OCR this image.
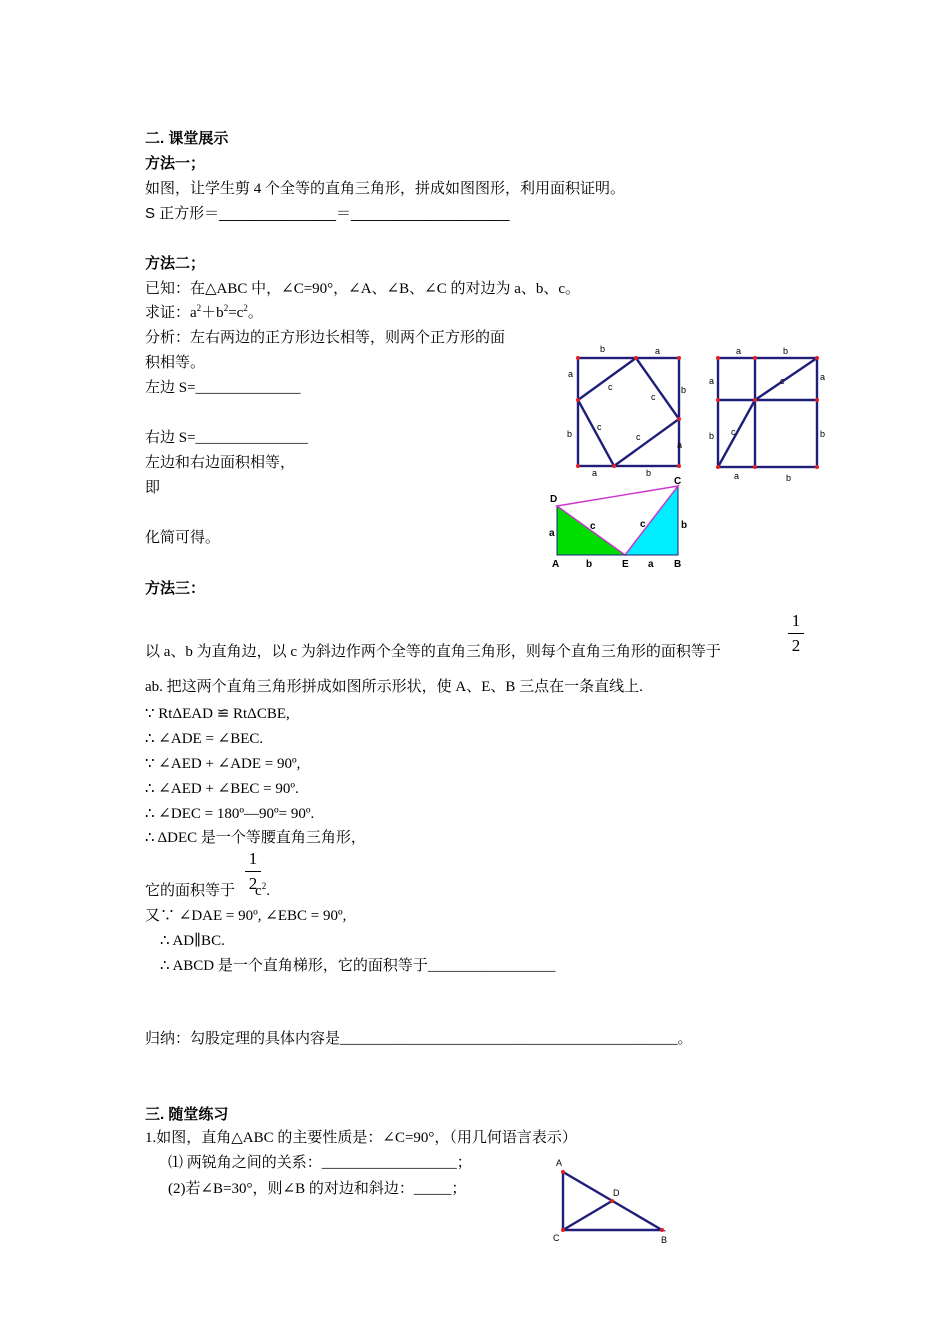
二. 课堂展示
方法一；
如图，让学生剪 4 个全等的直角三角形，拼成如图图形，利用面积证明。
S 正方形＝______________＝___________________
方法二；
已知：在△ABC 中，∠C=90°，∠A、∠B、∠C 的对边为 a、b、c。
求证：$a^2+b^2=c^2$。
分析：左右两边的正方形边长相等，则两个正方形的面
积相等。
左边 S=______________
右边 S=_______________
左边和右边面积相等，
即
化简可得。
方法三：
以 a、b 为直角边，以 c 为斜边作两个全等的直角三角形，则每个直角三角形的面积等于
1
2
ab. 把这两个直角三角形拼成如图所示形状，使 A、E、B 三点在一条直线上.
∵ RtΔEAD ≌ RtΔCBE,
∴ ∠ADE = ∠BEC.
∵ ∠AED + ∠ADE = 90º,
∴ ∠AED + ∠BEC = 90º.
∴ ∠DEC = 180º—90º= 90º.
∴ ΔDEC 是一个等腰直角三角形，
1
2
它的面积等于 $c^2$.
又∵ ∠DAE = 90º, ∠EBC = 90º,
∴ AD∥BC.
∴ ABCD 是一个直角梯形，它的面积等于_________________
归纳：勾股定理的具体内容是_____________________________________________。
三. 随堂练习
1.如图，直角△ABC 的主要性质是：∠C=90°，（用几何语言表示）
⑴ 两锐角之间的关系：__________________；
(2)若∠B=30°，则∠B 的对边和斜边：_____；
b	a
a
b
c
c
b
c
a
c
a	b
a	b
a	c	a
b c	b
a	b
D
C
a
c	c	b
A	b	E a B
A
D
C	B
